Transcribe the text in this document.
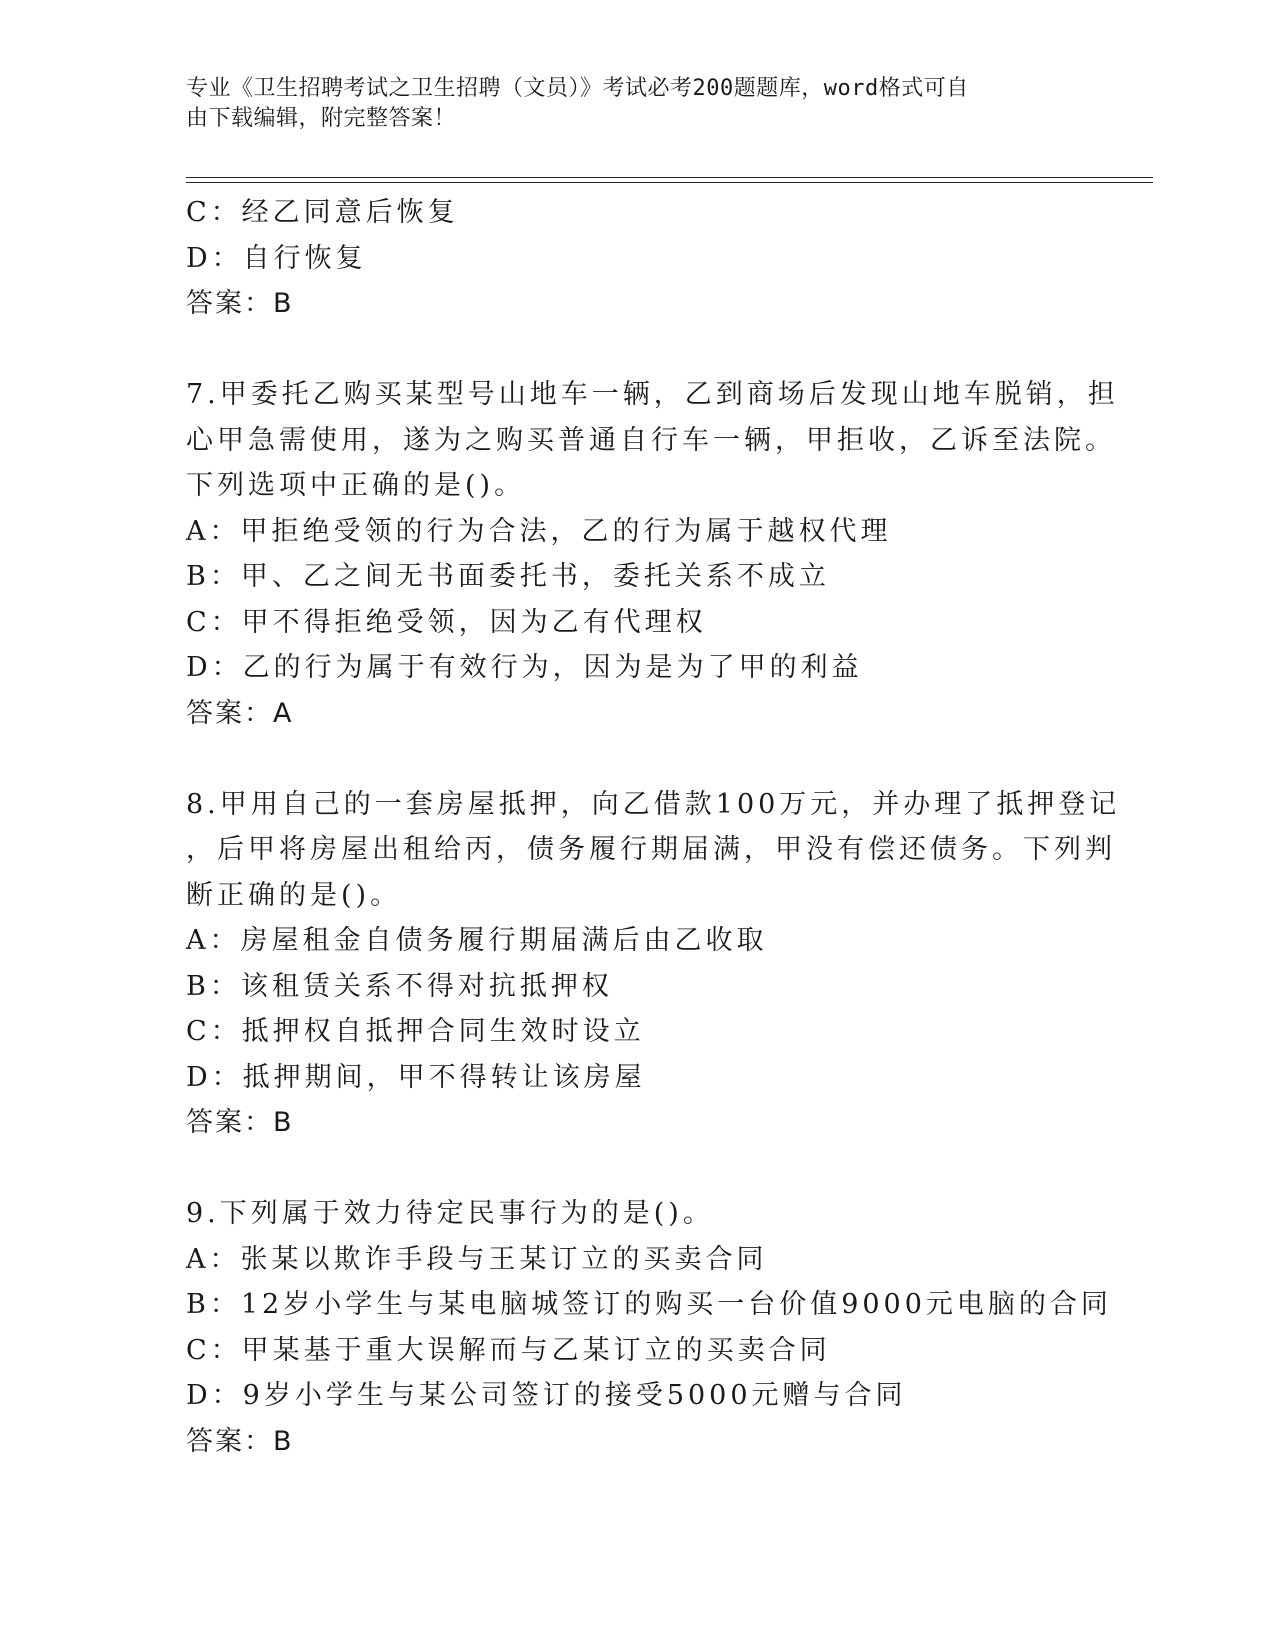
专业《卫生招聘考试之卫生招聘（文员）》考试必考200题题库，word格式可自
由下载编辑，附完整答案！
C：经乙同意后恢复
D：自行恢复
答案：B
7.甲委托乙购买某型号山地车一辆，乙到商场后发现山地车脱销，担
心甲急需使用，遂为之购买普通自行车一辆，甲拒收，乙诉至法院。
下列选项中正确的是()。
A：甲拒绝受领的行为合法，乙的行为属于越权代理
B：甲、乙之间无书面委托书，委托关系不成立
C：甲不得拒绝受领，因为乙有代理权
D：乙的行为属于有效行为，因为是为了甲的利益
答案：A
8.甲用自己的一套房屋抵押，向乙借款100万元，并办理了抵押登记
，后甲将房屋出租给丙，债务履行期届满，甲没有偿还债务。下列判
断正确的是()。
A：房屋租金自债务履行期届满后由乙收取
B：该租赁关系不得对抗抵押权
C：抵押权自抵押合同生效时设立
D：抵押期间，甲不得转让该房屋
答案：B
9.下列属于效力待定民事行为的是()。
A：张某以欺诈手段与王某订立的买卖合同
B：12岁小学生与某电脑城签订的购买一台价值9000元电脑的合同
C：甲某基于重大误解而与乙某订立的买卖合同
D：9岁小学生与某公司签订的接受5000元赠与合同
答案：B
